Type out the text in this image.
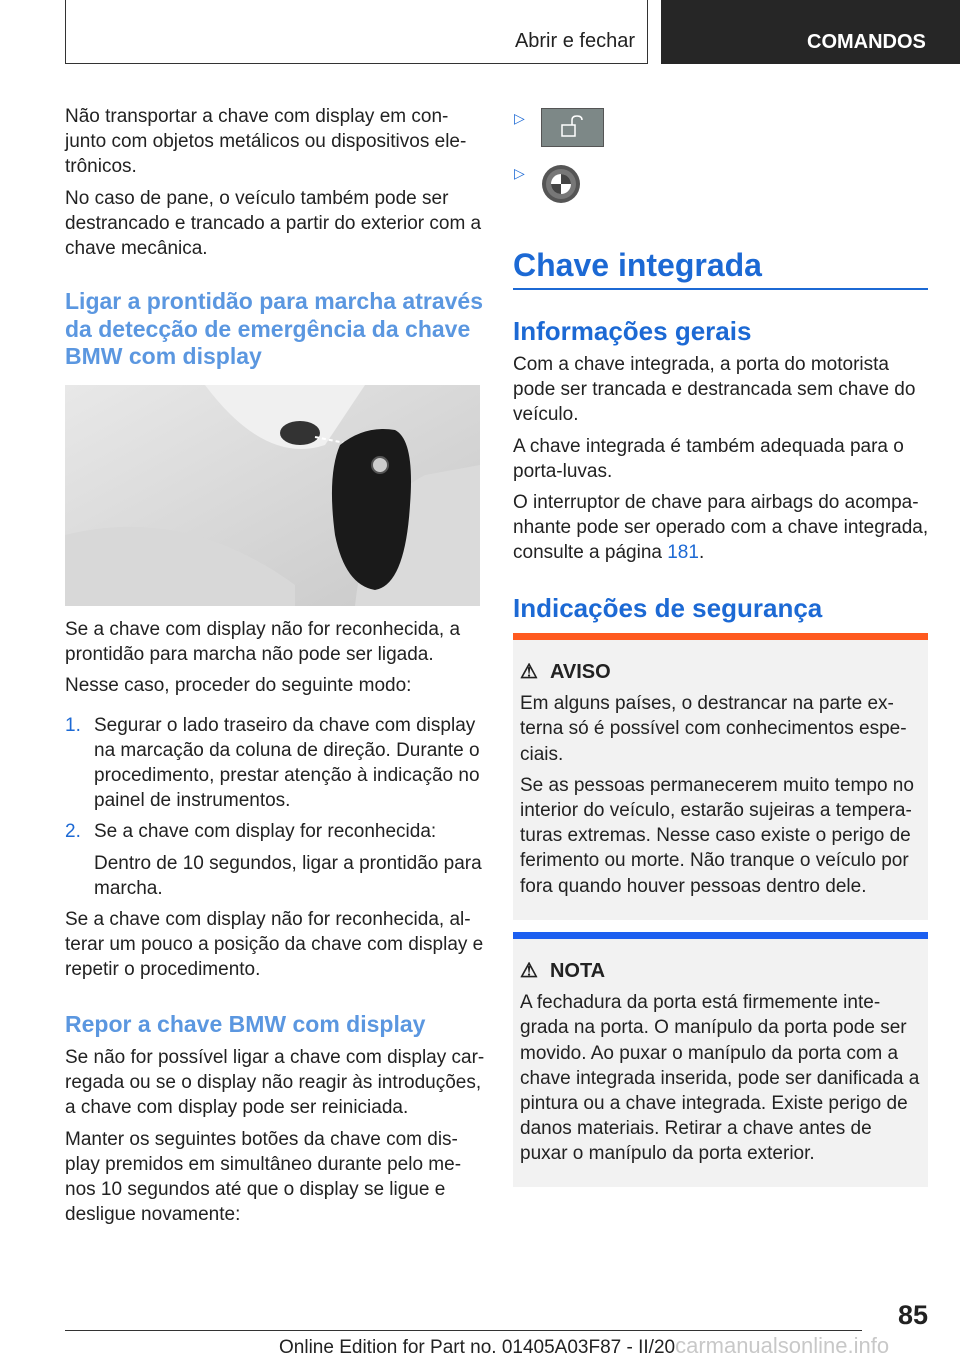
Abrir e fechar	COMANDOS

Não transportar a chave com display em con-junto com objetos metálicos ou dispositivos ele-trônicos.

No caso de pane, o veículo também pode ser destrancado e trancado a partir do exterior com a chave mecânica.

Ligar a prontidão para marcha através da detecção de emergência da chave BMW com display

Se a chave com display não for reconhecida, a prontidão para marcha não pode ser ligada.

Nesse caso, proceder do seguinte modo:

1. Segurar o lado traseiro da chave com display na marcação da coluna de direção. Durante o procedimento, prestar atenção à indicação no painel de instrumentos.
2. Se a chave com display for reconhecida:

Dentro de 10 segundos, ligar a prontidão para marcha.

Se a chave com display não for reconhecida, al-terar um pouco a posição da chave com display e repetir o procedimento.

Repor a chave BMW com display

Se não for possível ligar a chave com display car-regada ou se o display não reagir às introduções, a chave com display pode ser reiniciada.

Manter os seguintes botões da chave com dis-play premidos em simultâneo durante pelo me-nos 10 segundos até que o display se ligue e desligue novamente:

▷
▷
Chave integrada
Informações gerais

Com a chave integrada, a porta do motorista pode ser trancada e destrancada sem chave do veículo.

A chave integrada é também adequada para o porta-luvas.

O interruptor de chave para airbags do acompa-nhante pode ser operado com a chave integrada, consulte a página 181.

Indicações de segurança
⚠ AVISO

Em alguns países, o destrancar na parte ex-terna só é possível com conhecimentos espe-ciais.

Se as pessoas permanecerem muito tempo no interior do veículo, estarão sujeiras a tempera-turas extremas. Nesse caso existe o perigo de ferimento ou morte. Não tranque o veículo por fora quando houver pessoas dentro dele.

⚠ NOTA

A fechadura da porta está firmemente inte-grada na porta. O manípulo da porta pode ser movido. Ao puxar o manípulo da porta com a chave integrada inserida, pode ser danificada a pintura ou a chave integrada. Existe perigo de danos materiais. Retirar a chave antes de puxar o manípulo da porta exterior.

85
Online Edition for Part no. 01405A03F87 - II/20carmanualsonline.info
